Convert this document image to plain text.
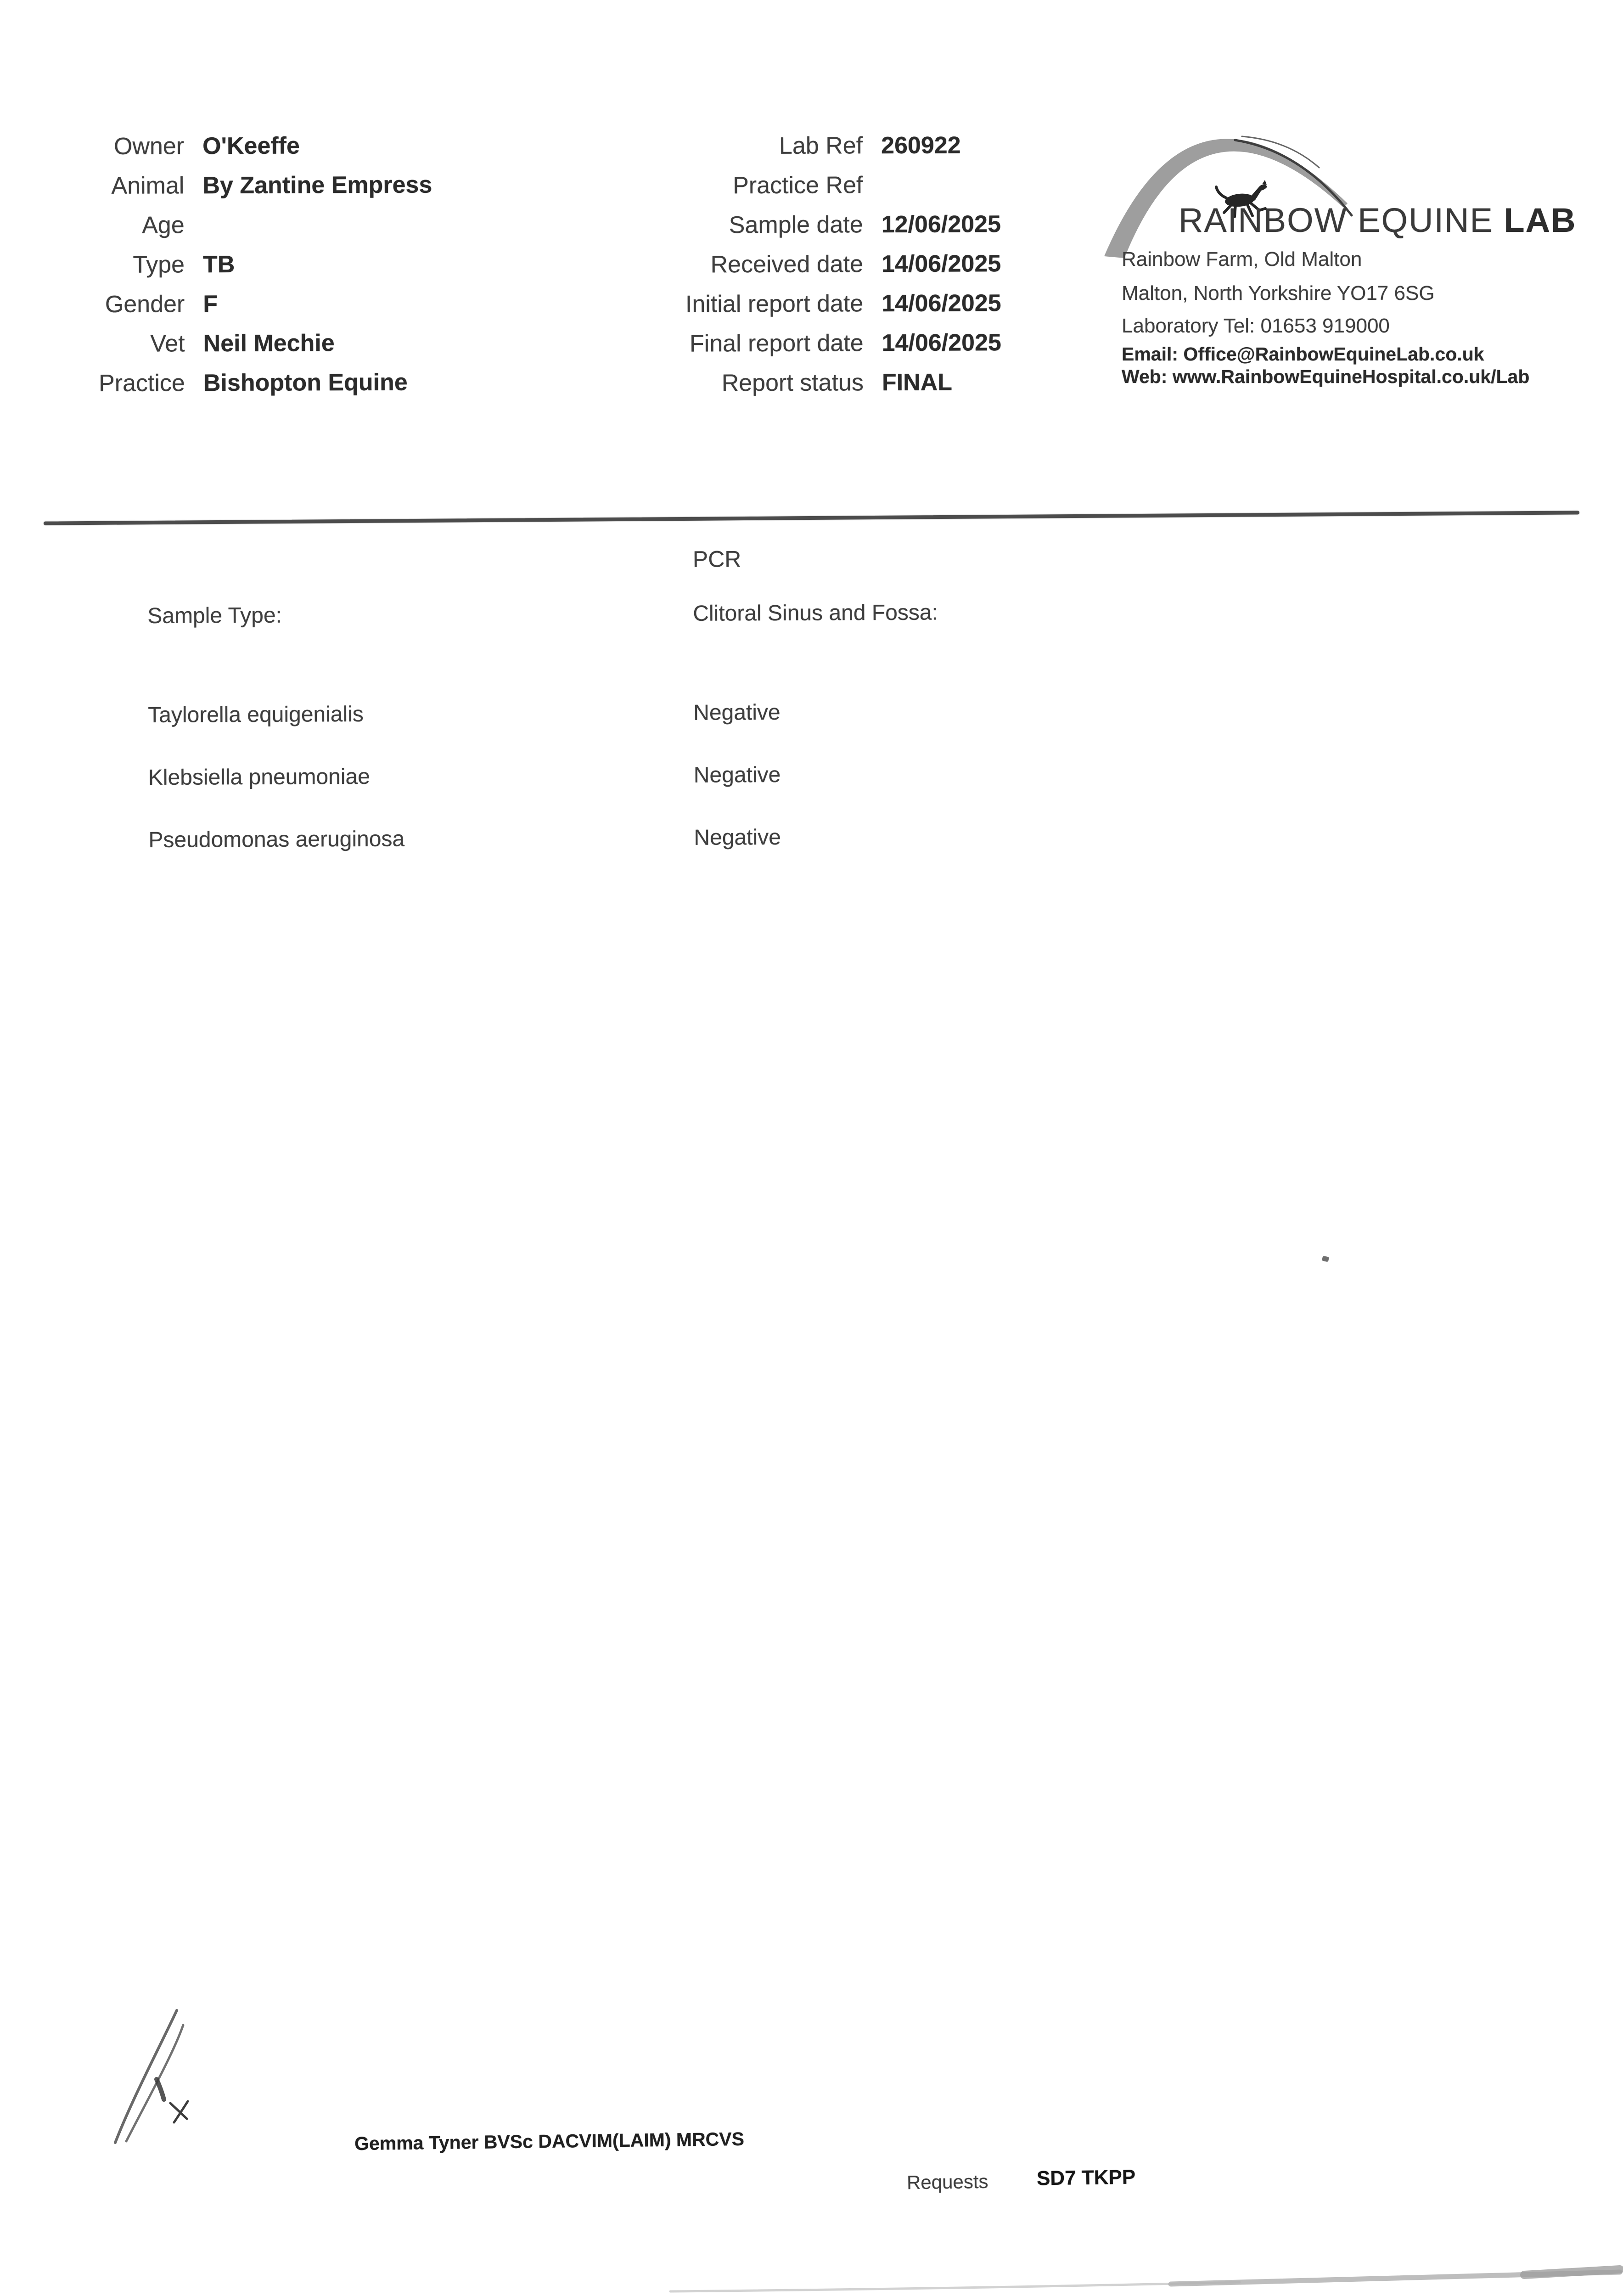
Owner O'Keeffe
Animal By Zantine Empress
Age
Type TB
Gender F
Vet Neil Mechie
Practice Bishopton Equine
Lab Ref 260922
Practice Ref
Sample date 12/06/2025
Received date 14/06/2025
Initial report date 14/06/2025
Final report date 14/06/2025
Report status FINAL
RAINBOW EQUINE LAB
Rainbow Farm, Old Malton
Malton, North Yorkshire YO17 6SG
Laboratory Tel: 01653 919000
Email: Office@RainbowEquineLab.co.uk
Web: www.RainbowEquineHospital.co.uk/Lab
PCR
Sample Type:	Clitoral Sinus and Fossa:
Taylorella equigenialis	Negative
Klebsiella pneumoniae	Negative
Pseudomonas aeruginosa	Negative
Gemma Tyner BVSc DACVIM(LAIM) MRCVS
Requests SD7 TKPP
